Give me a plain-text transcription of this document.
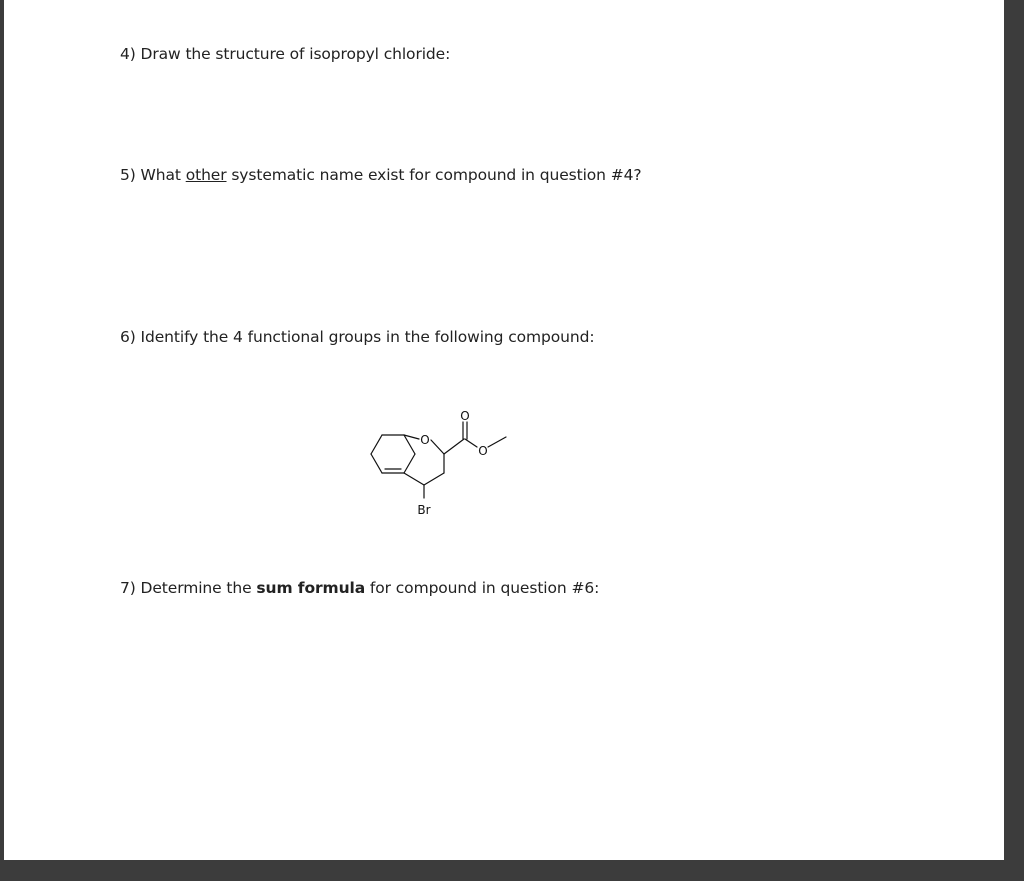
4) Draw the structure of isopropyl chloride:

5) What other systematic name exist for compound in question #4?

6) Identify the 4 functional groups in the following compound:

O
O
O
Br

7) Determine the sum formula for compound in question #6:
